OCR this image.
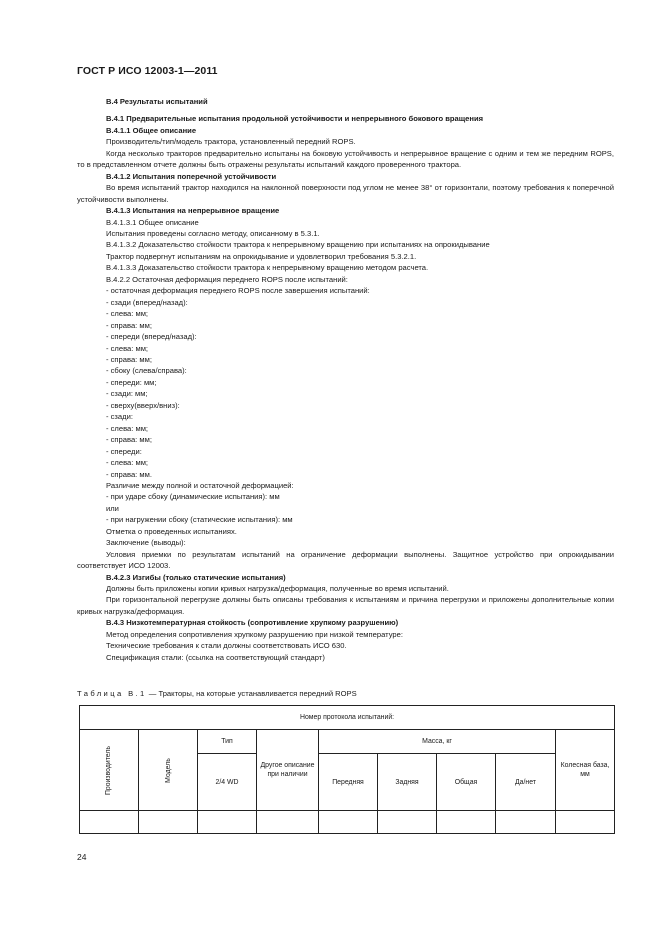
ГОСТ Р ИСО 12003-1—2011

В.4 Результаты испытаний

В.4.1 Предварительные испытания продольной устойчивости и непрерывного бокового вращения

В.4.1.1 Общее описание

Производитель/тип/модель трактора, установленный передний ROPS.

Когда несколько тракторов предварительно испытаны на боковую устойчивость и непрерывное вращение с одним и тем же передним ROPS, то в представленном отчете должны быть отражены результаты испытаний каждого проверенного трактора.

В.4.1.2 Испытания поперечной устойчивости

Во время испытаний трактор находился на наклонной поверхности под углом не менее 38° от горизонтали, поэтому требования к поперечной устойчивости выполнены.

В.4.1.3 Испытания на непрерывное вращение

В.4.1.3.1 Общее описание

Испытания проведены согласно методу, описанному в 5.3.1.

В.4.1.3.2 Доказательство стойкости трактора к непрерывному вращению при испытаниях на опрокидывание

Трактор подвергнут испытаниям на опрокидывание и удовлетворил требования 5.3.2.1.

В.4.1.3.3 Доказательство стойкости трактора к непрерывному вращению методом расчета.

В.4.2.2 Остаточная деформация переднего ROPS после испытаний:

- остаточная деформация переднего ROPS после завершения испытаний:

- сзади (вперед/назад):

- слева: мм;

- справа: мм;

- спереди (вперед/назад):

- слева: мм;

- справа: мм;

- сбоку (слева/справа):

- спереди: мм;

- сзади: мм;

- сверху(вверх/вниз):

- сзади:

- слева: мм;

- справа: мм;

- спереди:

- слева: мм;

- справа: мм.

Различие между полной и остаточной деформацией:

- при ударе сбоку (динамические испытания): мм

или

- при нагружении сбоку (статические испытания): мм

Отметка о проведенных испытаниях.

Заключение (выводы):

Условия приемки по результатам испытаний на ограничение деформации выполнены. Защитное устройство при опрокидывании соответствует ИСО 12003.

В.4.2.3 Изгибы (только статические испытания)

Должны быть приложены копии кривых нагрузка/деформация, полученные во время испытаний.

При горизонтальной перегрузке должны быть описаны требования к испытаниям и причина перегрузки и приложены дополнительные копии кривых нагрузка/деформация.

В.4.3 Низкотемпературная стойкость (сопротивление хрупкому разрушению)

Метод определения сопротивления хрупкому разрушению при низкой температуре:

Технические требования к стали должны соответствовать ИСО 630.

Спецификация стали: (ссылка на соответствующий стандарт)

Таблица В.1 — Тракторы, на которые устанавливается передний ROPS
Номер протокола испытаний:								
Производитель	Модель	Тип	Другое описание при наличии	Масса, кг				Колесная база, мм
		2/4 WD		Передняя	Задняя	Общая	Да/нет	

24
